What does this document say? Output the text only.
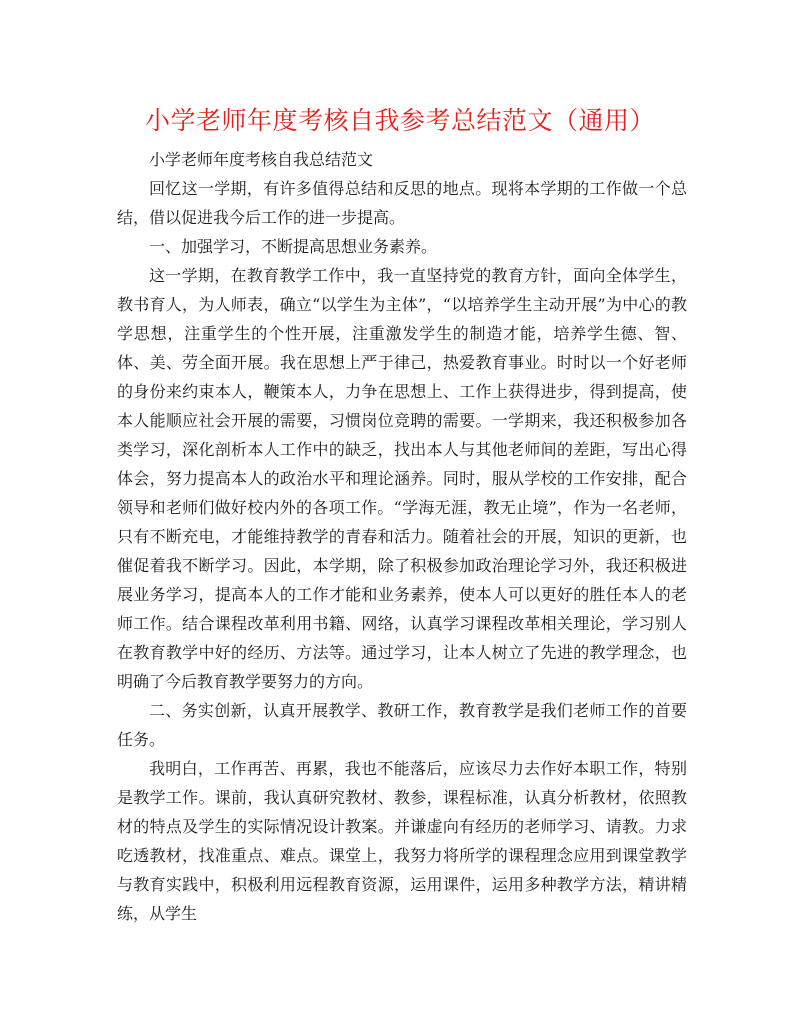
小学老师年度考核自我参考总结范文（通用）

小学老师年度考核自我总结范文

回忆这一学期，有许多值得总结和反思的地点。现将本学期的工作做一个总结，借以促进我今后工作的进一步提高。

一、加强学习，不断提高思想业务素养。

这一学期，在教育教学工作中，我一直坚持党的教育方针，面向全体学生，教书育人，为人师表，确立“以学生为主体”，“以培养学生主动开展”为中心的教学思想，注重学生的个性开展，注重激发学生的制造才能，培养学生德、智、体、美、劳全面开展。我在思想上严于律己，热爱教育事业。时时以一个好老师的身份来约束本人，鞭策本人，力争在思想上、工作上获得进步，得到提高，使本人能顺应社会开展的需要，习惯岗位竞聘的需要。一学期来，我还积极参加各类学习，深化剖析本人工作中的缺乏，找出本人与其他老师间的差距，写出心得体会，努力提高本人的政治水平和理论涵养。同时，服从学校的工作安排，配合领导和老师们做好校内外的各项工作。“学海无涯，教无止境”，作为一名老师，只有不断充电，才能维持教学的青春和活力。随着社会的开展，知识的更新，也催促着我不断学习。因此，本学期，除了积极参加政治理论学习外，我还积极进展业务学习，提高本人的工作才能和业务素养，使本人可以更好的胜任本人的老师工作。结合课程改革利用书籍、网络，认真学习课程改革相关理论，学习别人在教育教学中好的经历、方法等。通过学习，让本人树立了先进的教学理念，也明确了今后教育教学要努力的方向。

二、务实创新，认真开展教学、教研工作，教育教学是我们老师工作的首要任务。

我明白，工作再苦、再累，我也不能落后，应该尽力去作好本职工作，特别是教学工作。课前，我认真研究教材、教参，课程标准，认真分析教材，依照教材的特点及学生的实际情况设计教案。并谦虚向有经历的老师学习、请教。力求吃透教材，找准重点、难点。课堂上，我努力将所学的课程理念应用到课堂教学与教育实践中，积极利用远程教育资源，运用课件，运用多种教学方法，精讲精练，从学生
